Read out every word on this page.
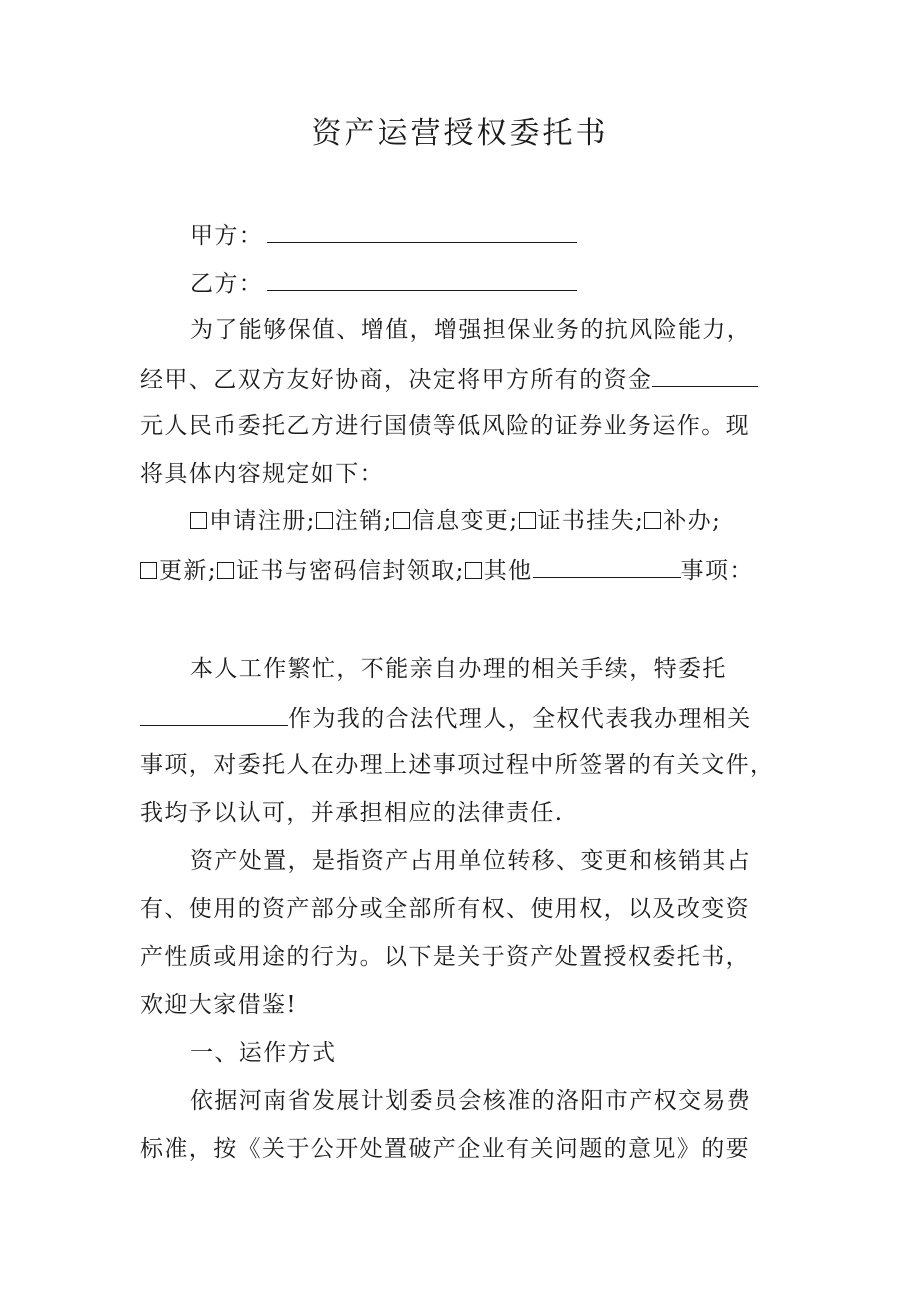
资产运营授权委托书
甲方：
乙方：
为了能够保值、增值，增强担保业务的抗风险能力，
经甲、乙双方友好协商，决定将甲方所有的资金
元人民币委托乙方进行国债等低风险的证券业务运作。现
将具体内容规定如下：
申请注册; 注销; 信息变更; 证书挂失; 补办;
更新; 证书与密码信封领取; 其他	事项：
本人工作繁忙，不能亲自办理的相关手续，特委托
作为我的合法代理人，全权代表我办理相关
事项，对委托人在办理上述事项过程中所签署的有关文件，
我均予以认可，并承担相应的法律责任.
资产处置，是指资产占用单位转移、变更和核销其占
有、使用的资产部分或全部所有权、使用权，以及改变资
产性质或用途的行为。以下是关于资产处置授权委托书，
欢迎大家借鉴!
一、运作方式
依据河南省发展计划委员会核准的洛阳市产权交易费
标准，按《关于公开处置破产企业有关问题的意见》的要
